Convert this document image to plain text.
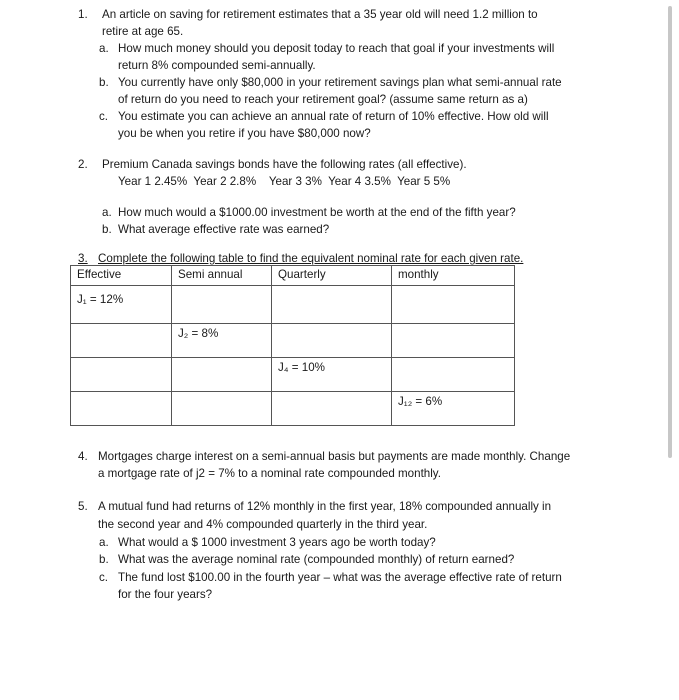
1. An article on saving for retirement estimates that a 35 year old will need 1.2 million to
retire at age 65.
a. How much money should you deposit today to reach that goal if your investments will
return 8% compounded semi-annually.
b. You currently have only $80,000 in your retirement savings plan what semi-annual rate
of return do you need to reach your retirement goal? (assume same return as a)
c. You estimate you can achieve an annual rate of return of 10% effective. How old will
you be when you retire if you have $80,000 now?
2. Premium Canada savings bonds have the following rates (all effective).
Year 1 2.45%  Year 2 2.8%    Year 3 3%  Year 4 3.5%  Year 5 5%
a. How much would a $1000.00 investment be worth at the end of the fifth year?
b. What average effective rate was earned?
3. Complete the following table to find the equivalent nominal rate for each given rate.
Effective	Semi annual	Quarterly	monthly
J₁ = 12%			
	J₂ = 8%		
		J₄ = 10%	
			J₁₂ = 6%
4. Mortgages charge interest on a semi-annual basis but payments are made monthly. Change
a mortgage rate of j2 = 7% to a nominal rate compounded monthly.
5. A mutual fund had returns of 12% monthly in the first year, 18% compounded annually in
the second year and 4% compounded quarterly in the third year.
a. What would a $ 1000 investment 3 years ago be worth today?
b. What was the average nominal rate (compounded monthly) of return earned?
c. The fund lost $100.00 in the fourth year – what was the average effective rate of return
for the four years?
